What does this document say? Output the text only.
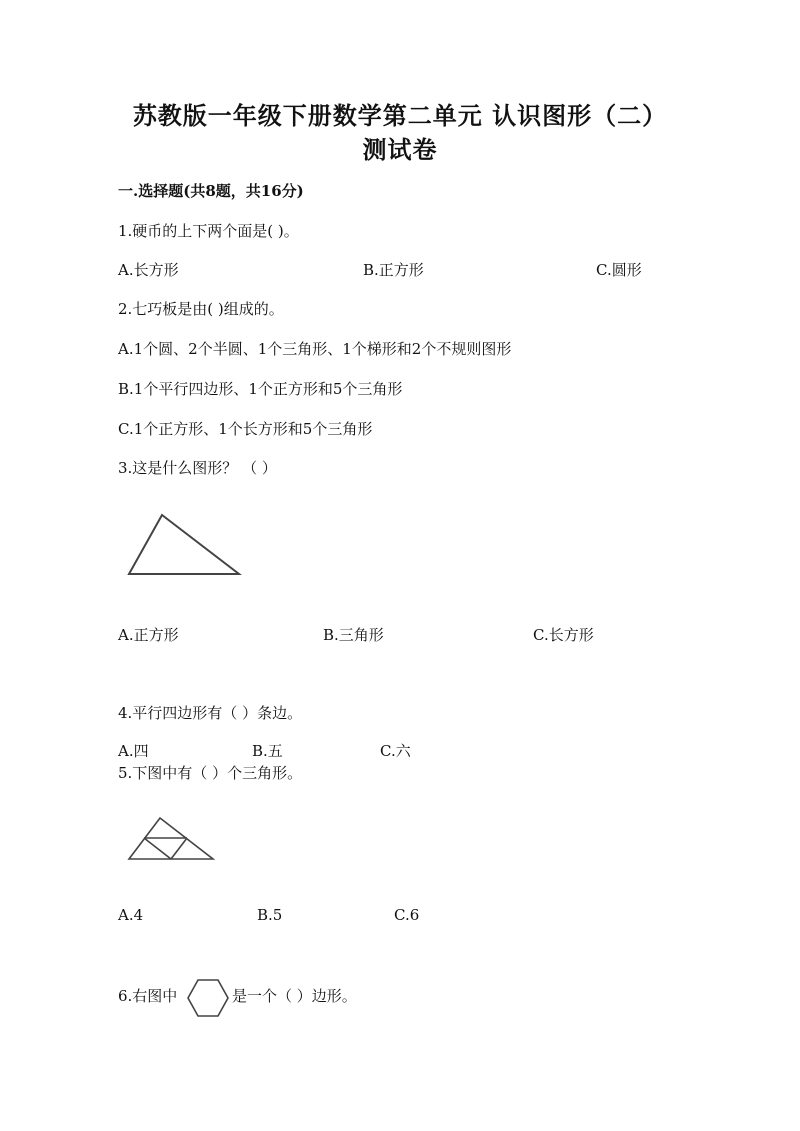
苏教版一年级下册数学第二单元 认识图形（二）
测试卷
一.选择题(共8题，共16分)
1.硬币的上下两个面是( )。
A.长方形	B.正方形	C.圆形
2.七巧板是由( )组成的。
A.1个圆、2个半圆、1个三角形、1个梯形和2个不规则图形
B.1个平行四边形、1个正方形和5个三角形
C.1个正方形、1个长方形和5个三角形
3.这是什么图形？ （ ）
A.正方形	B.三角形	C.长方形
4.平行四边形有（ ）条边。
A.四	B.五	C.六
5.下图中有（ ）个三角形。
A.4	B.5	C.6
6.右图中	是一个（ ）边形。
